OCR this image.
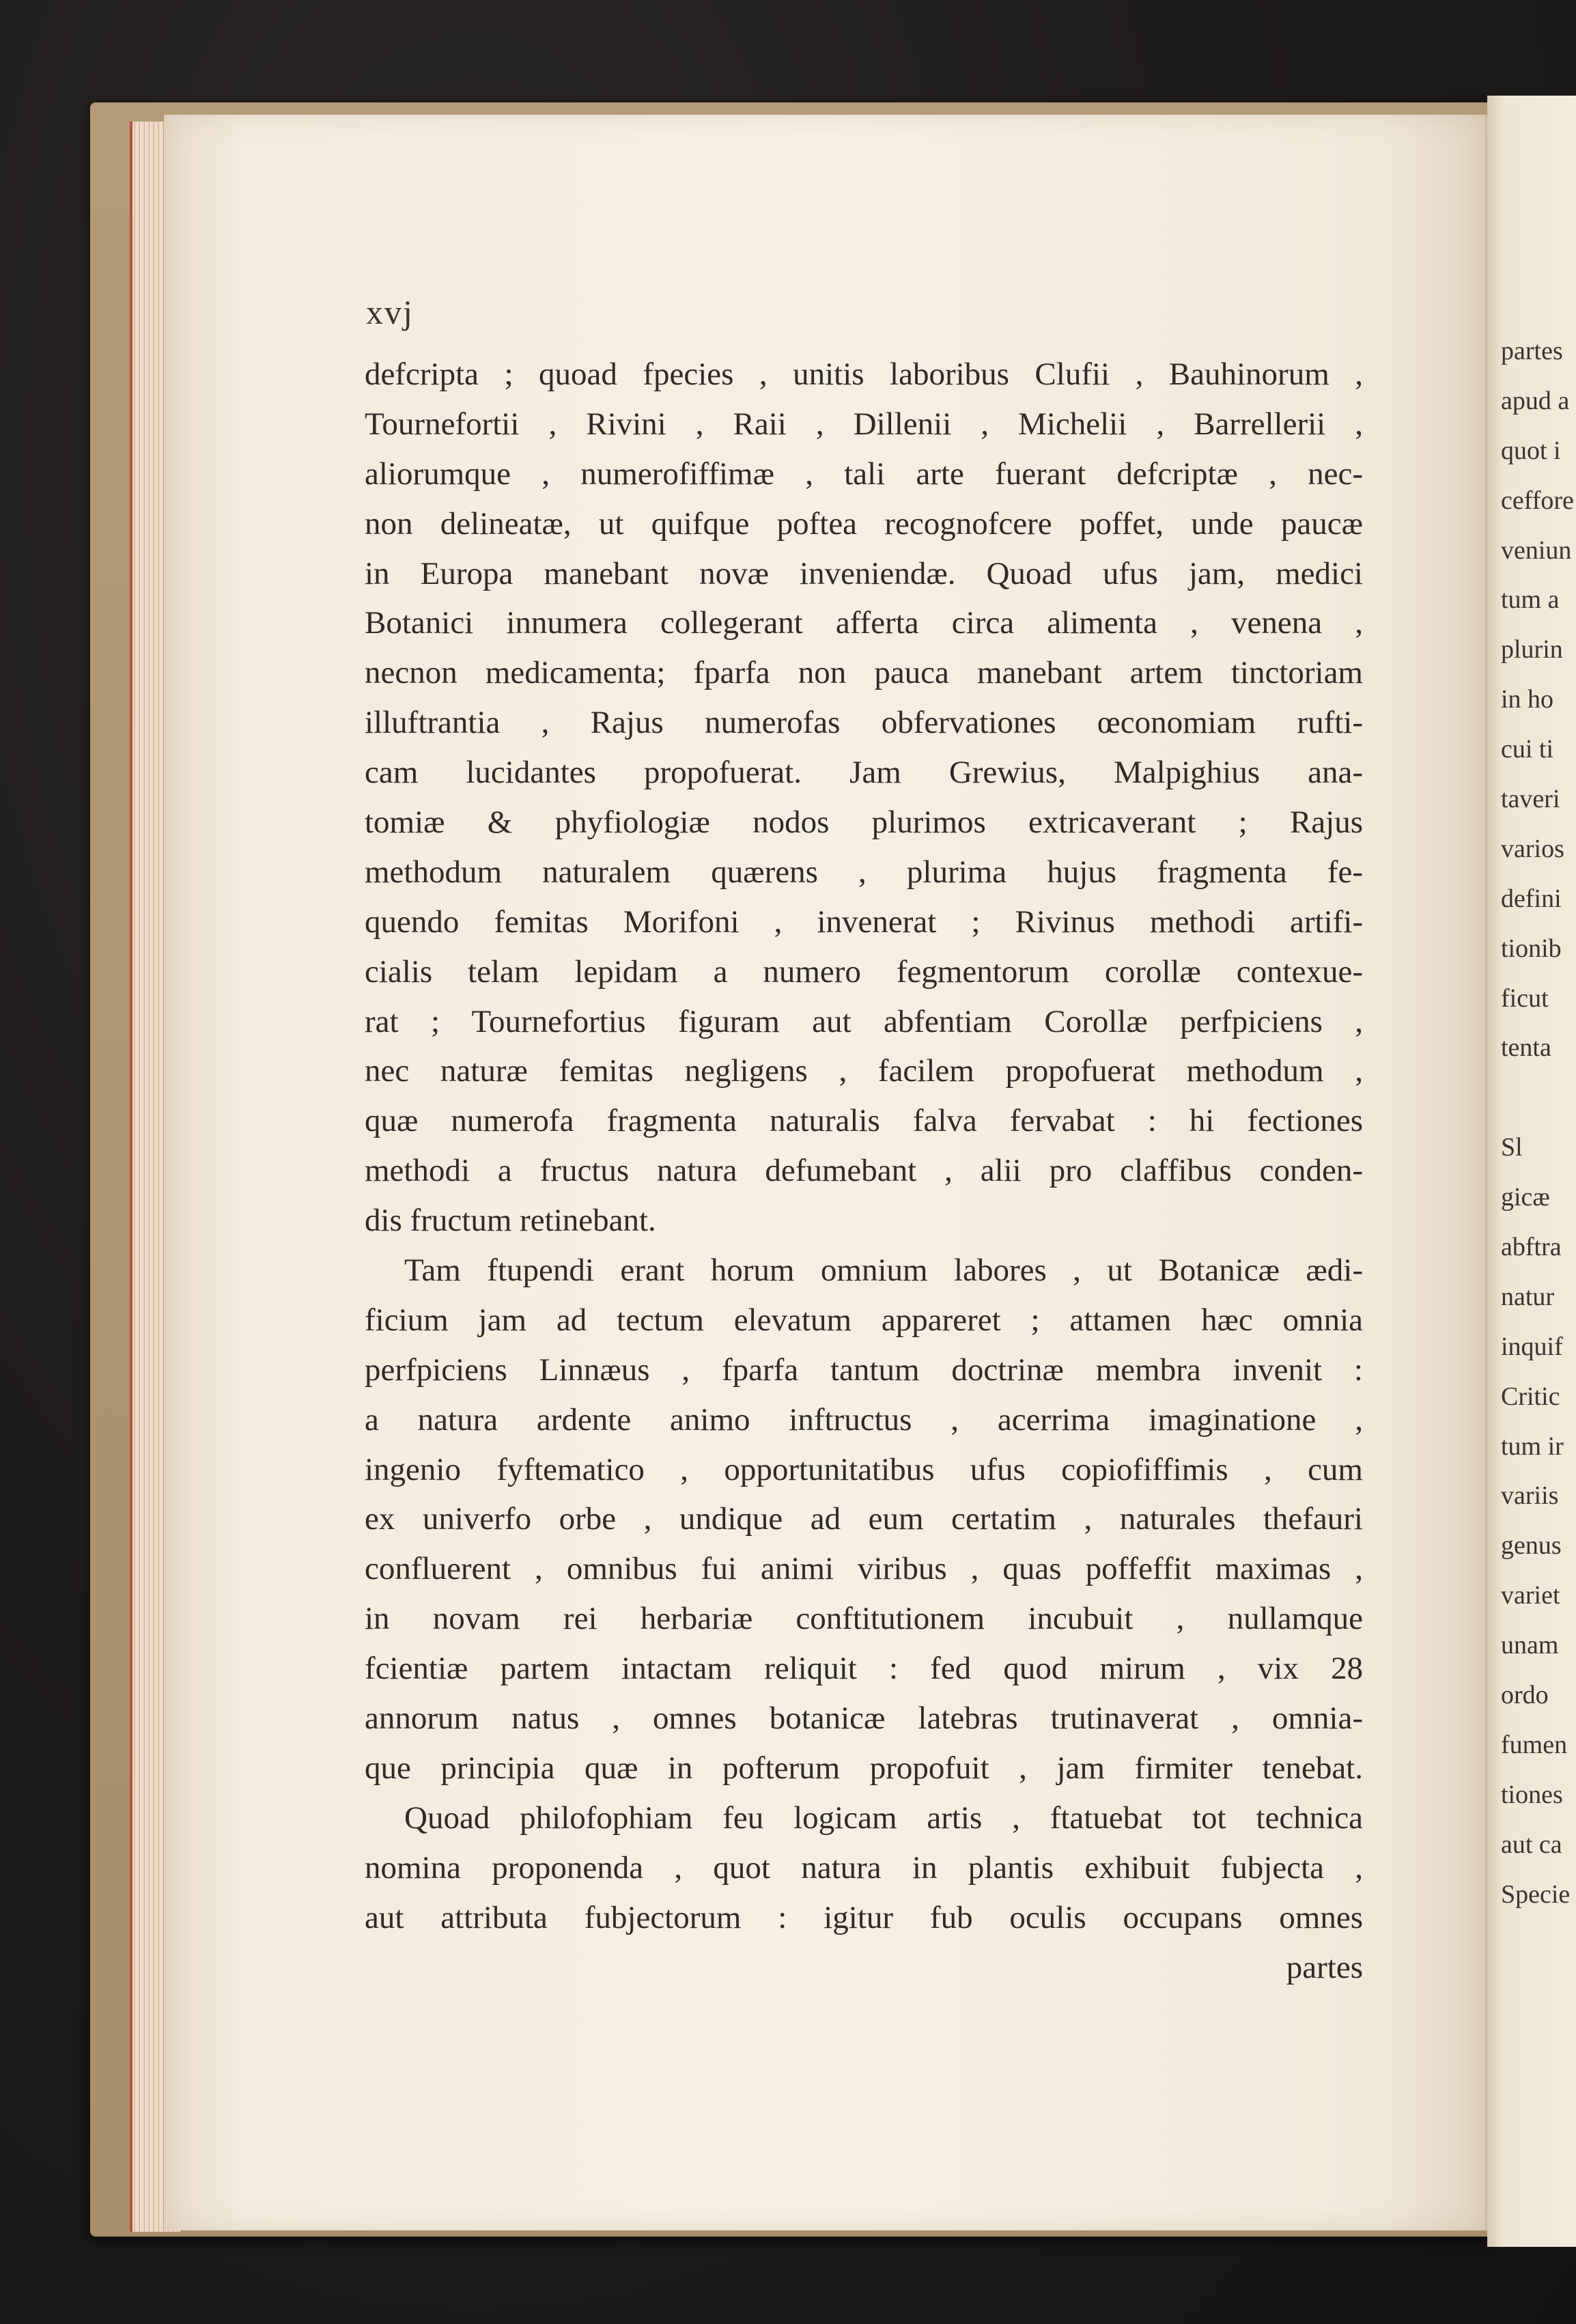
partes
apud a
quot i
ceffore
veniun
tum a
plurin
in ho
cui ti
taveri
varios
defini
tionib
ficut
tenta
Sl
gicæ
abftra
natur
inquif
Critic
tum ir
variis
genus
variet
unam
ordo
fumen
tiones
aut ca
Specie
xvj
defcripta ; quoad fpecies , unitis laboribus Clufii , Bauhinorum ,
Tournefortii , Rivini , Raii , Dillenii , Michelii , Barrellerii ,
aliorumque , numerofiffimæ , tali arte fuerant defcriptæ , nec-
non delineatæ, ut quifque poftea recognofcere poffet, unde paucæ
in Europa manebant novæ inveniendæ. Quoad ufus jam, medici
Botanici innumera collegerant afferta circa alimenta , venena ,
necnon medicamenta; fparfa non pauca manebant artem tinctoriam
illuftrantia , Rajus numerofas obfervationes œconomiam rufti-
cam lucidantes propofuerat. Jam Grewius, Malpighius ana-
tomiæ & phyfiologiæ nodos plurimos extricaverant ; Rajus
methodum naturalem quærens , plurima hujus fragmenta fe-
quendo femitas Morifoni , invenerat ; Rivinus methodi artifi-
cialis telam lepidam a numero fegmentorum corollæ contexue-
rat ; Tournefortius figuram aut abfentiam Corollæ perfpiciens ,
nec naturæ femitas negligens , facilem propofuerat methodum ,
quæ numerofa fragmenta naturalis falva fervabat : hi fectiones
methodi a fructus natura defumebant , alii pro claffibus conden-
dis fructum retinebant.
Tam ftupendi erant horum omnium labores , ut Botanicæ ædi-
ficium jam ad tectum elevatum appareret ; attamen hæc omnia
perfpiciens Linnæus , fparfa tantum doctrinæ membra invenit :
a natura ardente animo inftructus , acerrima imaginatione ,
ingenio fyftematico , opportunitatibus ufus copiofiffimis , cum
ex univerfo orbe , undique ad eum certatim , naturales thefauri
confluerent , omnibus fui animi viribus , quas poffeffit maximas ,
in novam rei herbariæ conftitutionem incubuit , nullamque
fcientiæ partem intactam reliquit : fed quod mirum , vix 28
annorum natus , omnes botanicæ latebras trutinaverat , omnia-
que principia quæ in pofterum propofuit , jam firmiter tenebat.
Quoad philofophiam feu logicam artis , ftatuebat tot technica
nomina proponenda , quot natura in plantis exhibuit fubjecta ,
aut attributa fubjectorum : igitur fub oculis occupans omnes
partes
